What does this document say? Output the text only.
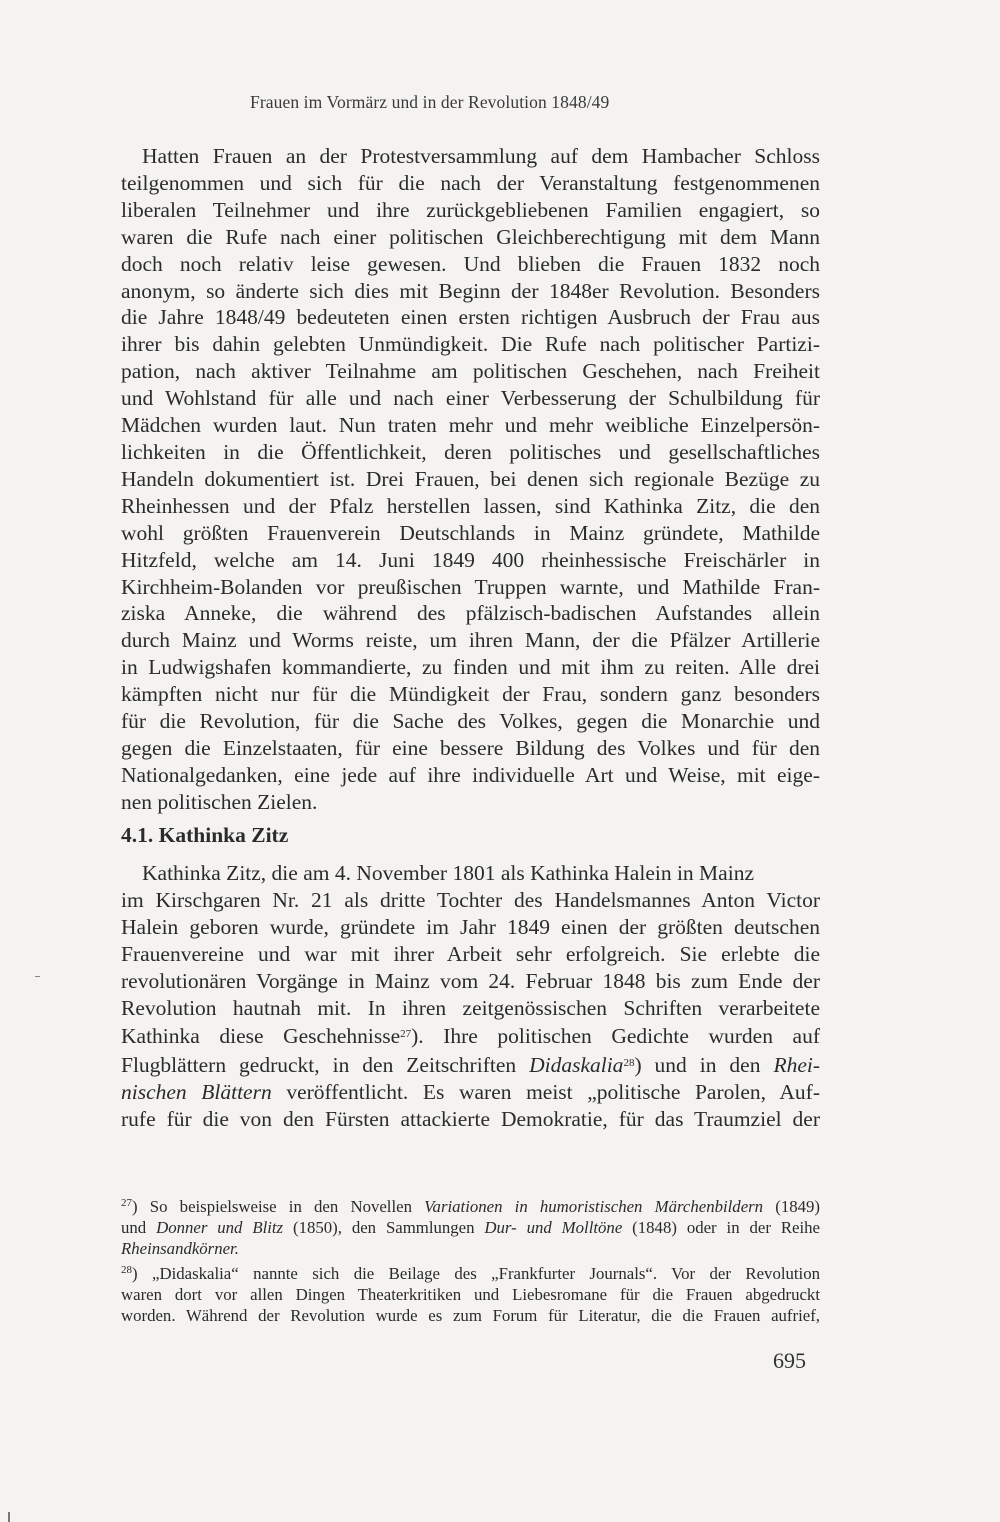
Frauen im Vormärz und in der Revolution 1848/49
Hatten Frauen an der Protestversammlung auf dem Hambacher Schloss
teilgenommen und sich für die nach der Veranstaltung festgenommenen
liberalen Teilnehmer und ihre zurückgebliebenen Familien engagiert, so
waren die Rufe nach einer politischen Gleichberechtigung mit dem Mann
doch noch relativ leise gewesen. Und blieben die Frauen 1832 noch
anonym, so änderte sich dies mit Beginn der 1848er Revolution. Besonders
die Jahre 1848/49 bedeuteten einen ersten richtigen Ausbruch der Frau aus
ihrer bis dahin gelebten Unmündigkeit. Die Rufe nach politischer Partizi-
pation, nach aktiver Teilnahme am politischen Geschehen, nach Freiheit
und Wohlstand für alle und nach einer Verbesserung der Schulbildung für
Mädchen wurden laut. Nun traten mehr und mehr weibliche Einzelpersön-
lichkeiten in die Öffentlichkeit, deren politisches und gesellschaftliches
Handeln dokumentiert ist. Drei Frauen, bei denen sich regionale Bezüge zu
Rheinhessen und der Pfalz herstellen lassen, sind Kathinka Zitz, die den
wohl größten Frauenverein Deutschlands in Mainz gründete, Mathilde
Hitzfeld, welche am 14. Juni 1849 400 rheinhessische Freischärler in
Kirchheim-Bolanden vor preußischen Truppen warnte, und Mathilde Fran-
ziska Anneke, die während des pfälzisch-badischen Aufstandes allein
durch Mainz und Worms reiste, um ihren Mann, der die Pfälzer Artillerie
in Ludwigshafen kommandierte, zu finden und mit ihm zu reiten. Alle drei
kämpften nicht nur für die Mündigkeit der Frau, sondern ganz besonders
für die Revolution, für die Sache des Volkes, gegen die Monarchie und
gegen die Einzelstaaten, für eine bessere Bildung des Volkes und für den
Nationalgedanken, eine jede auf ihre individuelle Art und Weise, mit eige-
nen politischen Zielen.
4.1. Kathinka Zitz
Kathinka Zitz, die am 4. November 1801 als Kathinka Halein in Mainz
im Kirschgaren Nr. 21 als dritte Tochter des Handelsmannes Anton Victor
Halein geboren wurde, gründete im Jahr 1849 einen der größten deutschen
Frauenvereine und war mit ihrer Arbeit sehr erfolgreich. Sie erlebte die
revolutionären Vorgänge in Mainz vom 24. Februar 1848 bis zum Ende der
Revolution hautnah mit. In ihren zeitgenössischen Schriften verarbeitete
Kathinka diese Geschehnisse$^{27}$). Ihre politischen Gedichte wurden auf
Flugblättern gedruckt, in den Zeitschriften Didaskalia$^{28}$) und in den Rhei-
nischen Blättern veröffentlicht. Es waren meist „politische Parolen, Auf-
rufe für die von den Fürsten attackierte Demokratie, für das Traumziel der
$^{27}$) So beispielsweise in den Novellen Variationen in humoristischen Märchenbildern (1849)
und Donner und Blitz (1850), den Sammlungen Dur- und Molltöne (1848) oder in der Reihe
Rheinsandkörner.
$^{28}$) „Didaskalia“ nannte sich die Beilage des „Frankfurter Journals“. Vor der Revolution
waren dort vor allen Dingen Theaterkritiken und Liebesromane für die Frauen abgedruckt
worden. Während der Revolution wurde es zum Forum für Literatur, die die Frauen aufrief,
695
